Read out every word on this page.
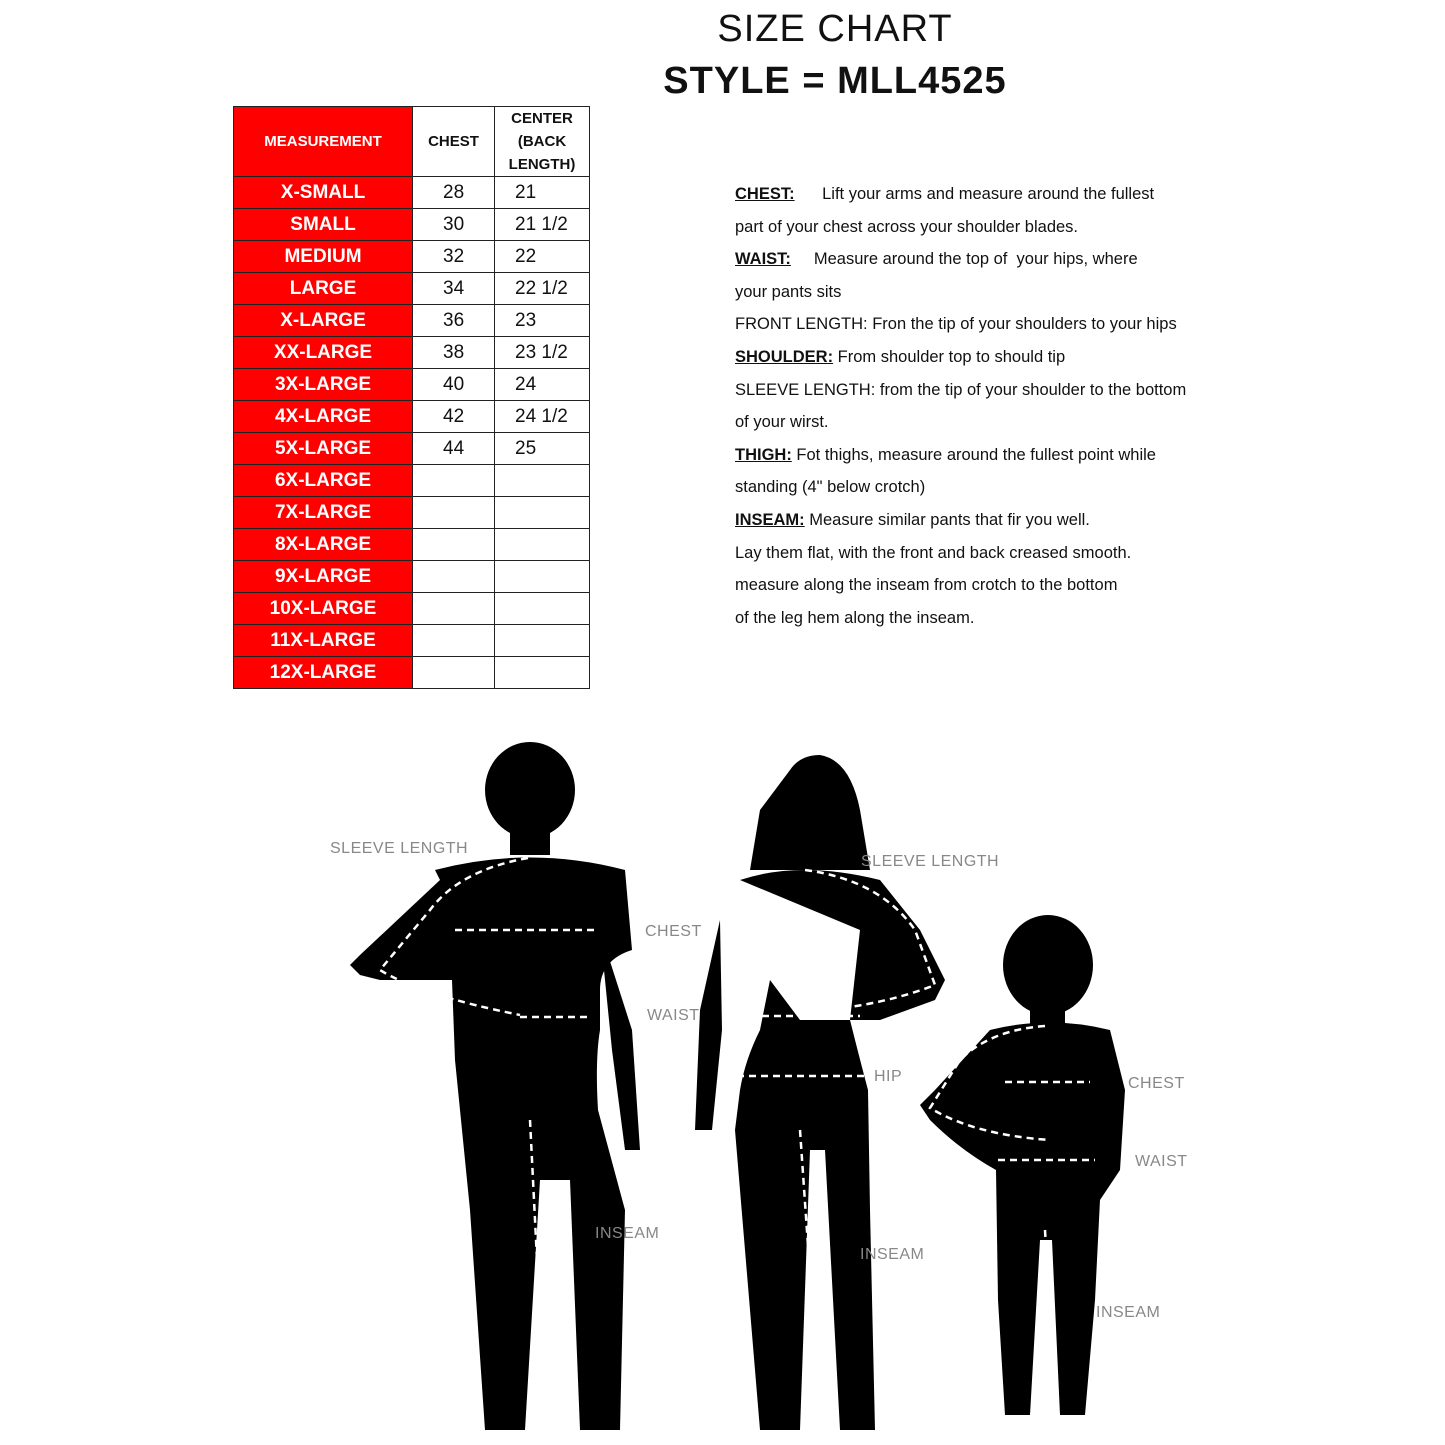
SIZE CHART
STYLE = MLL4525
MEASUREMENT	CHEST	CENTER (BACK LENGTH)
X-SMALL	28	21
SMALL	30	21 1/2
MEDIUM	32	22
LARGE	34	22 1/2
X-LARGE	36	23
XX-LARGE	38	23 1/2
3X-LARGE	40	24
4X-LARGE	42	24 1/2
5X-LARGE	44	25
6X-LARGE		
7X-LARGE		
8X-LARGE		
9X-LARGE		
10X-LARGE		
11X-LARGE		
12X-LARGE		
CHEST:      Lift your arms and measure around the fullest
part of your chest across your shoulder blades.
WAIST:     Measure around the top of  your hips, where
your pants sits
FRONT LENGTH: Fron the tip of your shoulders to your hips
SHOULDER: From shoulder top to should tip
SLEEVE LENGTH: from the tip of your shoulder to the bottom
of your wirst.
THIGH: Fot thighs, measure around the fullest point while
standing (4" below crotch)
INSEAM: Measure similar pants that fir you well.
Lay them flat, with the front and back creased smooth.
measure along the inseam from crotch to the bottom
of the leg hem along the inseam.
SLEEVE LENGTH
CHEST
WAIST
INSEAM
SLEEVE LENGTH
HIP
INSEAM
CHEST
WAIST
INSEAM
